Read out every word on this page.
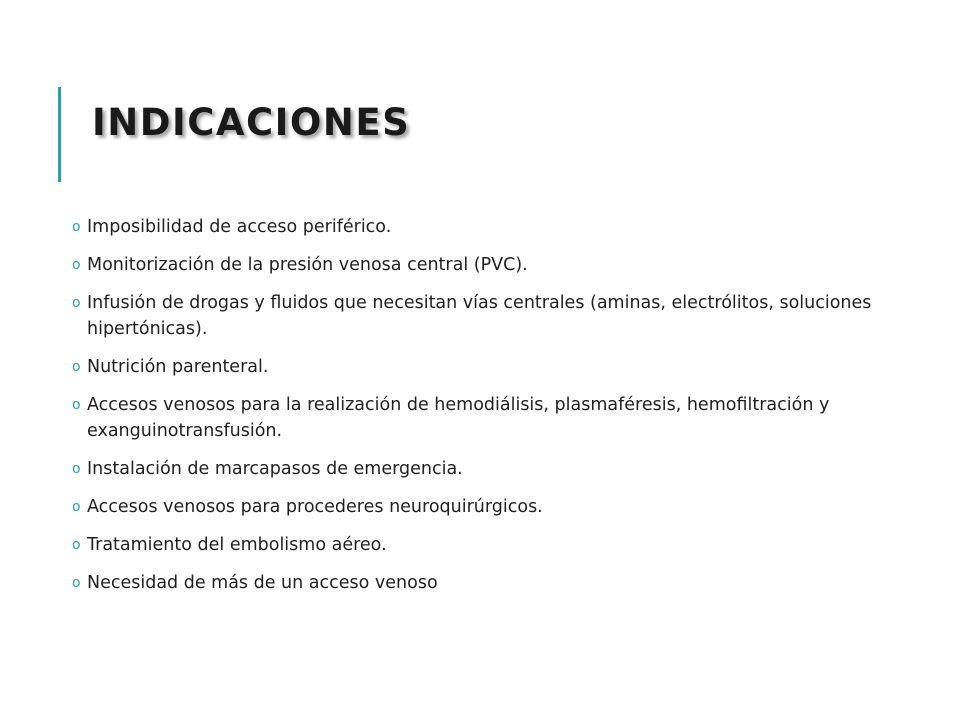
INDICACIONES
o Imposibilidad de acceso periférico.
o Monitorización de la presión venosa central (PVC).
o Infusión de drogas y fluidos que necesitan vías centrales (aminas, electrólitos, soluciones hipertónicas).
o Nutrición parenteral.
o Accesos venosos para la realización de hemodiálisis, plasmaféresis, hemofiltración y exanguinotransfusión.
o Instalación de marcapasos de emergencia.
o Accesos venosos para procederes neuroquirúrgicos.
o Tratamiento del embolismo aéreo.
o Necesidad de más de un acceso venoso
